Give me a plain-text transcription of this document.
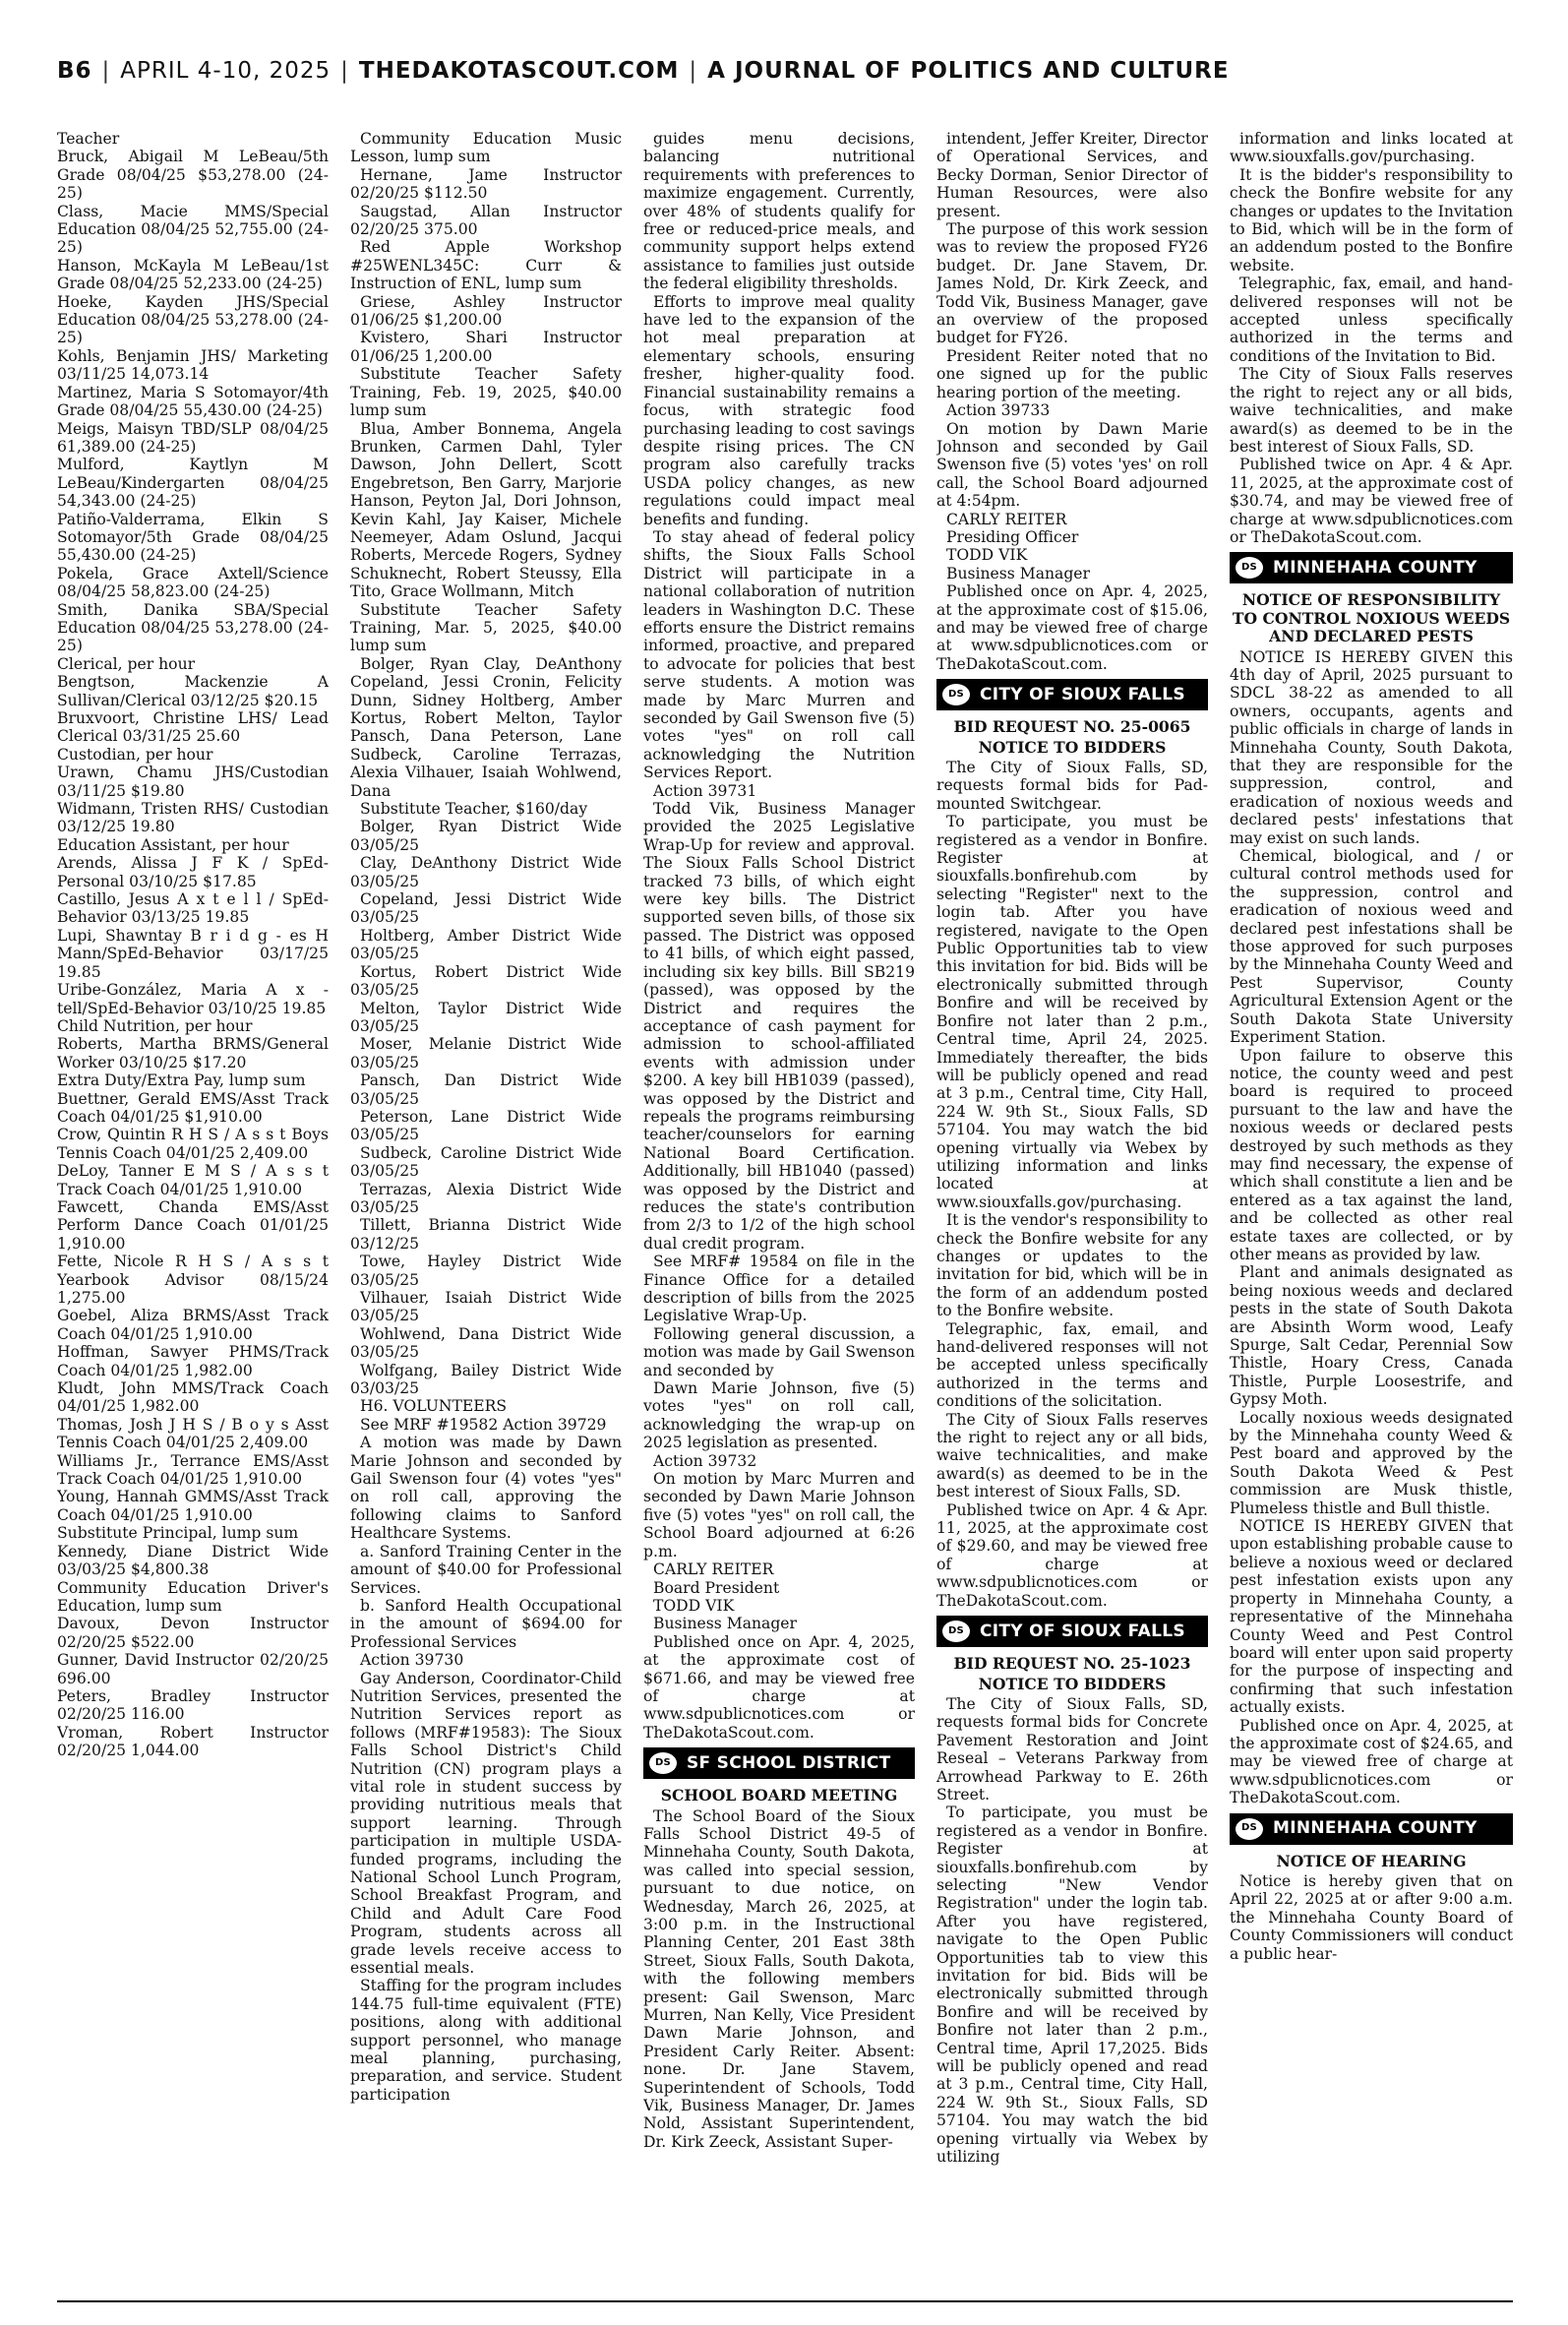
B6 | APRIL 4-10, 2025 | THEDAKOTASCOUT.COM | A JOURNAL OF POLITICS AND CULTURE

Teacher

Bruck, Abigail M LeBeau/5th Grade 08/04/25 $53,278.00 (24-25)

Class, Macie MMS/Special Education 08/04/25 52,755.00 (24-25)

Hanson, McKayla M LeBeau/1st Grade 08/04/25 52,233.00 (24-25)

Hoeke, Kayden JHS/Special Education 08/04/25 53,278.00 (24-25)

Kohls, Benjamin JHS/ Marketing 03/11/25 14,073.14

Martinez, Maria S Sotomayor/4th Grade 08/04/25 55,430.00 (24-25)

Meigs, Maisyn TBD/SLP 08/04/25 61,389.00 (24-25)

Mulford, Kaytlyn M LeBeau/Kindergarten 08/04/25 54,343.00 (24-25)

Patiño-Valderrama, Elkin S Sotomayor/5th Grade 08/04/25 55,430.00 (24-25)

Pokela, Grace Axtell/Science 08/04/25 58,823.00 (24-25)

Smith, Danika SBA/Special Education 08/04/25 53,278.00 (24-25)

Clerical, per hour

Bengtson, Mackenzie A Sullivan/Clerical 03/12/25 $20.15

Bruxvoort, Christine LHS/ Lead Clerical 03/31/25 25.60

Custodian, per hour

Urawn, Chamu JHS/Custodian 03/11/25 $19.80

Widmann, Tristen RHS/ Custodian 03/12/25 19.80

Education Assistant, per hour

Arends, Alissa J F K / SpEd-Personal 03/10/25 $17.85

Castillo, Jesus A x t e l l / SpEd-Behavior 03/13/25 19.85

Lupi, Shawntay B r i d g - es H Mann/SpEd-Behavior 03/17/25 19.85

Uribe-González, Maria A x - tell/SpEd-Behavior 03/10/25 19.85

Child Nutrition, per hour

Roberts, Martha BRMS/General Worker 03/10/25 $17.20

Extra Duty/Extra Pay, lump sum

Buettner, Gerald EMS/Asst Track Coach 04/01/25 $1,910.00

Crow, Quintin R H S / A s s t Boys Tennis Coach 04/01/25 2,409.00

DeLoy, Tanner E M S / A s s t Track Coach 04/01/25 1,910.00

Fawcett, Chanda EMS/Asst Perform Dance Coach 01/01/25 1,910.00

Fette, Nicole R H S / A s s t Yearbook Advisor 08/15/24 1,275.00

Goebel, Aliza BRMS/Asst Track Coach 04/01/25 1,910.00

Hoffman, Sawyer PHMS/Track Coach 04/01/25 1,982.00

Kludt, John MMS/Track Coach 04/01/25 1,982.00

Thomas, Josh J H S / B o y s Asst Tennis Coach 04/01/25 2,409.00

Williams Jr., Terrance EMS/Asst Track Coach 04/01/25 1,910.00

Young, Hannah GMMS/Asst Track Coach 04/01/25 1,910.00

Substitute Principal, lump sum

Kennedy, Diane District Wide 03/03/25 $4,800.38

Community Education Driver's Education, lump sum

Davoux, Devon Instructor 02/20/25 $522.00

Gunner, David Instructor 02/20/25 696.00

Peters, Bradley Instructor 02/20/25 116.00

Vroman, Robert Instructor 02/20/25 1,044.00

Community Education Music Lesson, lump sum

Hernane, Jame Instructor 02/20/25 $112.50

Saugstad, Allan Instructor 02/20/25 375.00

Red Apple Workshop #25WENL345C: Curr & Instruction of ENL, lump sum

Griese, Ashley Instructor 01/06/25 $1,200.00

Kvistero, Shari Instructor 01/06/25 1,200.00

Substitute Teacher Safety Training, Feb. 19, 2025, $40.00 lump sum

Blua, Amber Bonnema, Angela Brunken, Carmen Dahl, Tyler Dawson, John Dellert, Scott Engebretson, Ben Garry, Marjorie Hanson, Peyton Jal, Dori Johnson, Kevin Kahl, Jay Kaiser, Michele Neemeyer, Adam Oslund, Jacqui Roberts, Mercede Rogers, Sydney Schuknecht, Robert Steussy, Ella Tito, Grace Wollmann, Mitch

Substitute Teacher Safety Training, Mar. 5, 2025, $40.00 lump sum

Bolger, Ryan Clay, DeAnthony Copeland, Jessi Cronin, Felicity Dunn, Sidney Holtberg, Amber Kortus, Robert Melton, Taylor Pansch, Dana Peterson, Lane Sudbeck, Caroline Terrazas, Alexia Vilhauer, Isaiah Wohlwend, Dana

Substitute Teacher, $160/day

Bolger, Ryan District Wide 03/05/25

Clay, DeAnthony District Wide 03/05/25

Copeland, Jessi District Wide 03/05/25

Holtberg, Amber District Wide 03/05/25

Kortus, Robert District Wide 03/05/25

Melton, Taylor District Wide 03/05/25

Moser, Melanie District Wide 03/05/25

Pansch, Dan District Wide 03/05/25

Peterson, Lane District Wide 03/05/25

Sudbeck, Caroline District Wide 03/05/25

Terrazas, Alexia District Wide 03/05/25

Tillett, Brianna District Wide 03/12/25

Towe, Hayley District Wide 03/05/25

Vilhauer, Isaiah District Wide 03/05/25

Wohlwend, Dana District Wide 03/05/25

Wolfgang, Bailey District Wide 03/03/25

H6. VOLUNTEERS

See MRF #19582 Action 39729

A motion was made by Dawn Marie Johnson and seconded by Gail Swenson four (4) votes "yes" on roll call, approving the following claims to Sanford Healthcare Systems.

a. Sanford Training Center in the amount of $40.00 for Professional Services.

b. Sanford Health Occupational in the amount of $694.00 for Professional Services

Action 39730

Gay Anderson, Coordinator-Child Nutrition Services, presented the Nutrition Services report as follows (MRF#19583): The Sioux Falls School District's Child Nutrition (CN) program plays a vital role in student success by providing nutritious meals that support learning. Through participation in multiple USDA-funded programs, including the National School Lunch Program, School Breakfast Program, and Child and Adult Care Food Program, students across all grade levels receive access to essential meals.

Staffing for the program includes 144.75 full-time equivalent (FTE) positions, along with additional support personnel, who manage meal planning, purchasing, preparation, and service. Student participation

guides menu decisions, balancing nutritional requirements with preferences to maximize engagement. Currently, over 48% of students qualify for free or reduced-price meals, and community support helps extend assistance to families just outside the federal eligibility thresholds.

Efforts to improve meal quality have led to the expansion of the hot meal preparation at elementary schools, ensuring fresher, higher-quality food. Financial sustainability remains a focus, with strategic food purchasing leading to cost savings despite rising prices. The CN program also carefully tracks USDA policy changes, as new regulations could impact meal benefits and funding.

To stay ahead of federal policy shifts, the Sioux Falls School District will participate in a national collaboration of nutrition leaders in Washington D.C. These efforts ensure the District remains informed, proactive, and prepared to advocate for policies that best serve students. A motion was made by Marc Murren and seconded by Gail Swenson five (5) votes "yes" on roll call acknowledging the Nutrition Services Report.

Action 39731

Todd Vik, Business Manager provided the 2025 Legislative Wrap-Up for review and approval. The Sioux Falls School District tracked 73 bills, of which eight were key bills. The District supported seven bills, of those six passed. The District was opposed to 41 bills, of which eight passed, including six key bills. Bill SB219 (passed), was opposed by the District and requires the acceptance of cash payment for admission to school-affiliated events with admission under $200. A key bill HB1039 (passed), was opposed by the District and repeals the programs reimbursing teacher/counselors for earning National Board Certification. Additionally, bill HB1040 (passed) was opposed by the District and reduces the state's contribution from 2/3 to 1/2 of the high school dual credit program.

See MRF# 19584 on file in the Finance Office for a detailed description of bills from the 2025 Legislative Wrap-Up.

Following general discussion, a motion was made by Gail Swenson and seconded by

Dawn Marie Johnson, five (5) votes "yes" on roll call, acknowledging the wrap-up on 2025 legislation as presented.

Action 39732

On motion by Marc Murren and seconded by Dawn Marie Johnson five (5) votes "yes" on roll call, the School Board adjourned at 6:26 p.m.

CARLY REITER

Board President

TODD VIK

Business Manager

Published once on Apr. 4, 2025, at the approximate cost of $671.66, and may be viewed free of charge at www.sdpublicnotices.com or TheDakotaScout.com.

DS SF SCHOOL DISTRICT
SCHOOL BOARD MEETING

The School Board of the Sioux Falls School District 49-5 of Minnehaha County, South Dakota, was called into special session, pursuant to due notice, on Wednesday, March 26, 2025, at 3:00 p.m. in the Instructional Planning Center, 201 East 38th Street, Sioux Falls, South Dakota, with the following members present: Gail Swenson, Marc Murren, Nan Kelly, Vice President Dawn Marie Johnson, and President Carly Reiter. Absent: none. Dr. Jane Stavem, Superintendent of Schools, Todd Vik, Business Manager, Dr. James Nold, Assistant Superintendent, Dr. Kirk Zeeck, Assistant Super-

intendent, Jeffer Kreiter, Director of Operational Services, and Becky Dorman, Senior Director of Human Resources, were also present.

The purpose of this work session was to review the proposed FY26 budget. Dr. Jane Stavem, Dr. James Nold, Dr. Kirk Zeeck, and Todd Vik, Business Manager, gave an overview of the proposed budget for FY26.

President Reiter noted that no one signed up for the public hearing portion of the meeting.

Action 39733

On motion by Dawn Marie Johnson and seconded by Gail Swenson five (5) votes 'yes' on roll call, the School Board adjourned at 4:54pm.

CARLY REITER

Presiding Officer

TODD VIK

Business Manager

Published once on Apr. 4, 2025, at the approximate cost of $15.06, and may be viewed free of charge at www.sdpublicnotices.com or TheDakotaScout.com.

DS CITY OF SIOUX FALLS
BID REQUEST NO. 25-0065
NOTICE TO BIDDERS

The City of Sioux Falls, SD, requests formal bids for Pad-mounted Switchgear.

To participate, you must be registered as a vendor in Bonfire. Register at siouxfalls.bonfirehub.com by selecting "Register" next to the login tab. After you have registered, navigate to the Open Public Opportunities tab to view this invitation for bid. Bids will be electronically submitted through Bonfire and will be received by Bonfire not later than 2 p.m., Central time, April 24, 2025. Immediately thereafter, the bids will be publicly opened and read at 3 p.m., Central time, City Hall, 224 W. 9th St., Sioux Falls, SD 57104. You may watch the bid opening virtually via Webex by utilizing information and links located at www.siouxfalls.gov/purchasing.

It is the vendor's responsibility to check the Bonfire website for any changes or updates to the invitation for bid, which will be in the form of an addendum posted to the Bonfire website.

Telegraphic, fax, email, and hand-delivered responses will not be accepted unless specifically authorized in the terms and conditions of the solicitation.

The City of Sioux Falls reserves the right to reject any or all bids, waive technicalities, and make award(s) as deemed to be in the best interest of Sioux Falls, SD.

Published twice on Apr. 4 & Apr. 11, 2025, at the approximate cost of $29.60, and may be viewed free of charge at www.sdpublicnotices.com or TheDakotaScout.com.

DS CITY OF SIOUX FALLS
BID REQUEST NO. 25-1023
NOTICE TO BIDDERS

The City of Sioux Falls, SD, requests formal bids for Concrete Pavement Restoration and Joint Reseal – Veterans Parkway from Arrowhead Parkway to E. 26th Street.

To participate, you must be registered as a vendor in Bonfire. Register at siouxfalls.bonfirehub.com by selecting "New Vendor Registration" under the login tab. After you have registered, navigate to the Open Public Opportunities tab to view this invitation for bid. Bids will be electronically submitted through Bonfire and will be received by Bonfire not later than 2 p.m., Central time, April 17,2025. Bids will be publicly opened and read at 3 p.m., Central time, City Hall, 224 W. 9th St., Sioux Falls, SD 57104. You may watch the bid opening virtually via Webex by utilizing

information and links located at www.siouxfalls.gov/purchasing.

It is the bidder's responsibility to check the Bonfire website for any changes or updates to the Invitation to Bid, which will be in the form of an addendum posted to the Bonfire website.

Telegraphic, fax, email, and hand-delivered responses will not be accepted unless specifically authorized in the terms and conditions of the Invitation to Bid.

The City of Sioux Falls reserves the right to reject any or all bids, waive technicalities, and make award(s) as deemed to be in the best interest of Sioux Falls, SD.

Published twice on Apr. 4 & Apr. 11, 2025, at the approximate cost of $30.74, and may be viewed free of charge at www.sdpublicnotices.com or TheDakotaScout.com.

DS MINNEHAHA COUNTY
NOTICE OF RESPONSIBILITY TO CONTROL NOXIOUS WEEDS AND DECLARED PESTS

NOTICE IS HEREBY GIVEN this 4th day of April, 2025 pursuant to SDCL 38-22 as amended to all owners, occupants, agents and public officials in charge of lands in Minnehaha County, South Dakota, that they are responsible for the suppression, control, and eradication of noxious weeds and declared pests' infestations that may exist on such lands.

Chemical, biological, and / or cultural control methods used for the suppression, control and eradication of noxious weed and declared pest infestations shall be those approved for such purposes by the Minnehaha County Weed and Pest Supervisor, County Agricultural Extension Agent or the South Dakota State University Experiment Station.

Upon failure to observe this notice, the county weed and pest board is required to proceed pursuant to the law and have the noxious weeds or declared pests destroyed by such methods as they may find necessary, the expense of which shall constitute a lien and be entered as a tax against the land, and be collected as other real estate taxes are collected, or by other means as provided by law.

Plant and animals designated as being noxious weeds and declared pests in the state of South Dakota are Absinth Worm wood, Leafy Spurge, Salt Cedar, Perennial Sow Thistle, Hoary Cress, Canada Thistle, Purple Loosestrife, and Gypsy Moth.

Locally noxious weeds designated by the Minnehaha county Weed & Pest board and approved by the South Dakota Weed & Pest commission are Musk thistle, Plumeless thistle and Bull thistle.

NOTICE IS HEREBY GIVEN that upon establishing probable cause to believe a noxious weed or declared pest infestation exists upon any property in Minnehaha County, a representative of the Minnehaha County Weed and Pest Control board will enter upon said property for the purpose of inspecting and confirming that such infestation actually exists.

Published once on Apr. 4, 2025, at the approximate cost of $24.65, and may be viewed free of charge at www.sdpublicnotices.com or TheDakotaScout.com.

DS MINNEHAHA COUNTY
NOTICE OF HEARING

Notice is hereby given that on April 22, 2025 at or after 9:00 a.m. the Minnehaha County Board of County Commissioners will conduct a public hear-
